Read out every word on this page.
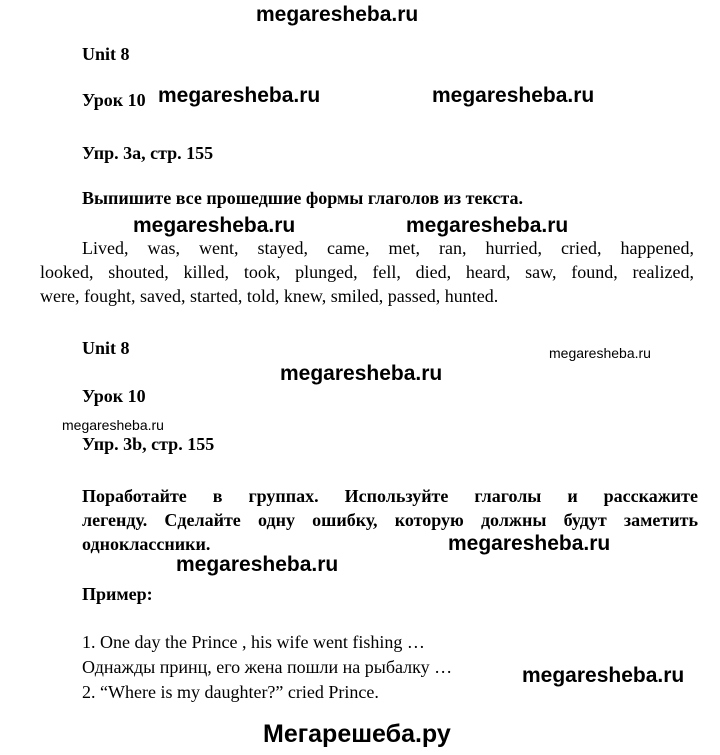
megaresheba.ru
Unit 8
Урок 10 megaresheba.ru	megaresheba.ru
Упр. 3a, стр. 155
Выпишите все прошедшие формы глаголов из текста.
megaresheba.ru	megaresheba.ru
Lived, was, went, stayed, came, met, ran, hurried, cried, happened,
looked, shouted, killed, took, plunged, fell, died, heard, saw, found, realized,
were, fought, saved, started, told, knew, smiled, passed, hunted.
Unit 8	megaresheba.ru
megaresheba.ru
Урок 10
megaresheba.ru
Упр. 3b, стр. 155
Поработайте в группах. Используйте глаголы и расскажите
легенду. Сделайте одну ошибку, которую должны будут заметить
одноклассники.	megaresheba.ru
megaresheba.ru
Пример:
1. One day the Prince , his wife went fishing …
Однажды принц, его жена пошли на рыбалку …	megaresheba.ru
2. “Where is my daughter?” cried Prince.
Мегарешеба.ру
